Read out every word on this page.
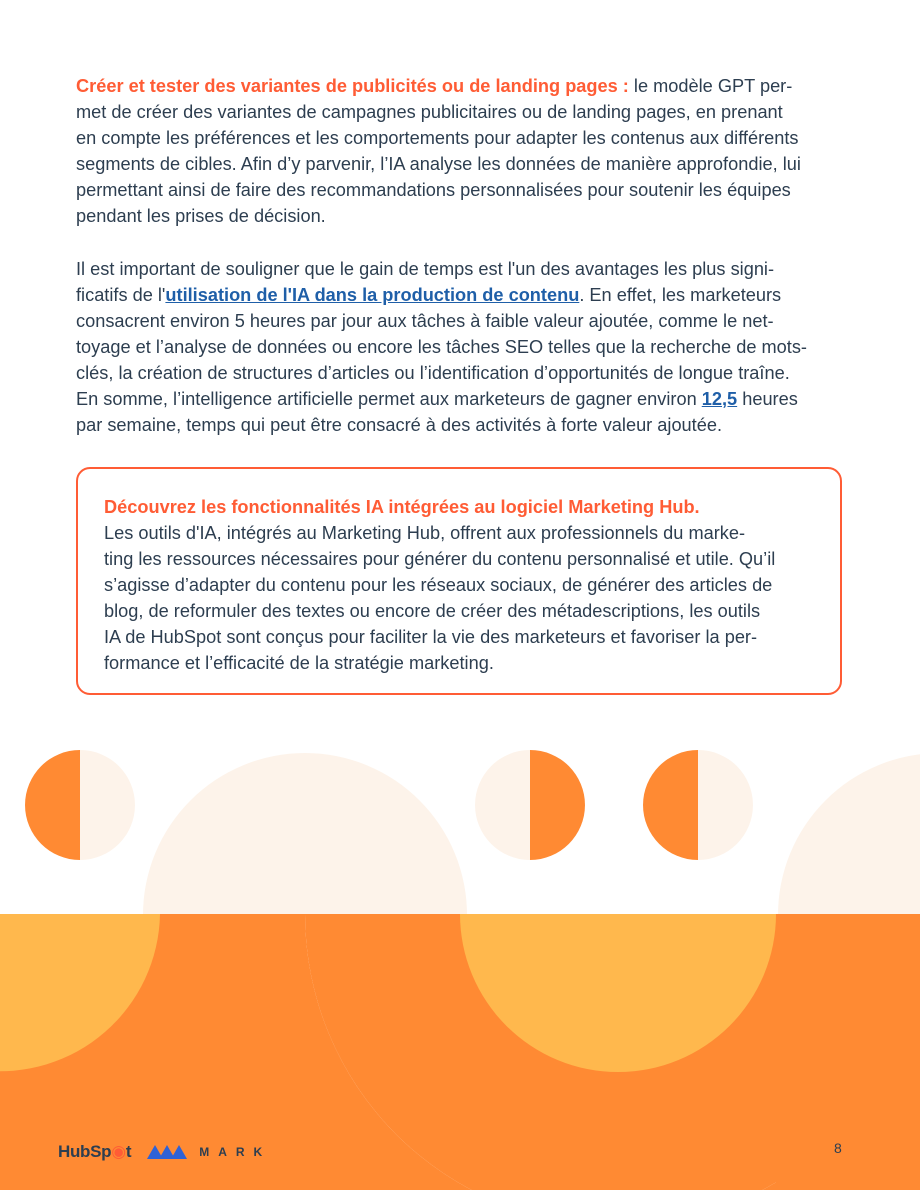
Créer et tester des variantes de publicités ou de landing pages : le modèle GPT per-
met de créer des variantes de campagnes publicitaires ou de landing pages, en prenant
en compte les préférences et les comportements pour adapter les contenus aux différents
segments de cibles. Afin d’y parvenir, l’IA analyse les données de manière approfondie, lui
permettant ainsi de faire des recommandations personnalisées pour soutenir les équipes
pendant les prises de décision.

Il est important de souligner que le gain de temps est l'un des avantages les plus signi-
ficatifs de l'utilisation de l'IA dans la production de contenu. En effet, les marketeurs
consacrent environ 5 heures par jour aux tâches à faible valeur ajoutée, comme le net-
toyage et l’analyse de données ou encore les tâches SEO telles que la recherche de mots-
clés, la création de structures d’articles ou l’identification d’opportunités de longue traîne.
En somme, l’intelligence artificielle permet aux marketeurs de gagner environ 12,5 heures
par semaine, temps qui peut être consacré à des activités à forte valeur ajoutée.

Découvrez les fonctionnalités IA intégrées au logiciel Marketing Hub.

Les outils d'IA, intégrés au Marketing Hub, offrent aux professionnels du marke-
ting les ressources nécessaires pour générer du contenu personnalisé et utile. Qu’il
s’agisse d’adapter du contenu pour les réseaux sociaux, de générer des articles de
blog, de reformuler des textes ou encore de créer des métadescriptions, les outils
IA de HubSpot sont conçus pour faciliter la vie des marketeurs et favoriser la per-
formance et l’efficacité de la stratégie marketing.

HubSp◉t	MARK	8
